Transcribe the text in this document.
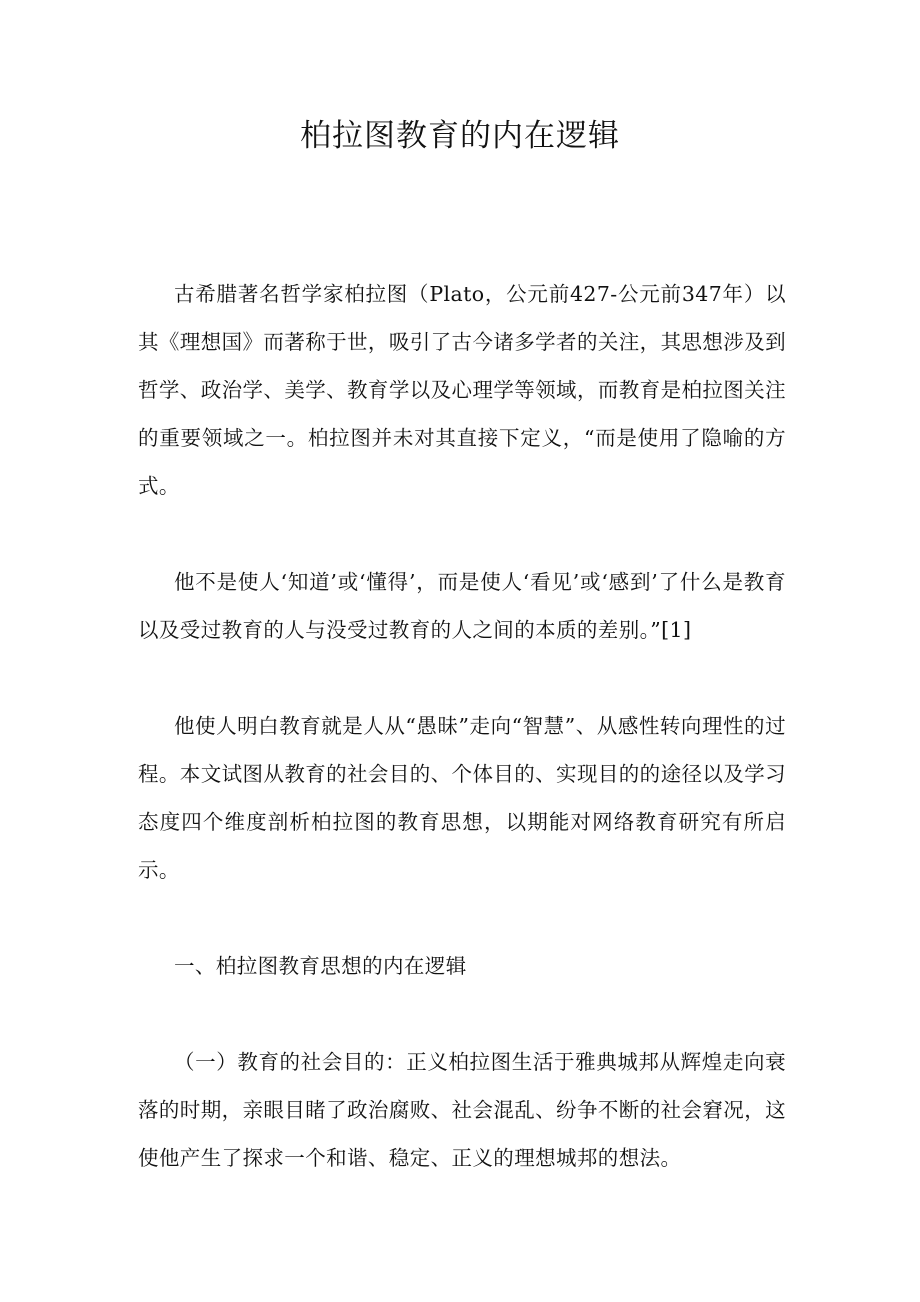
柏拉图教育的内在逻辑

古希腊著名哲学家柏拉图（Plato，公元前427-公元前347年）以其《理想国》而著称于世，吸引了古今诸多学者的关注，其思想涉及到哲学、政治学、美学、教育学以及心理学等领域，而教育是柏拉图关注的重要领域之一。柏拉图并未对其直接下定义，“而是使用了隐喻的方式。

他不是使人‘知道’或‘懂得’，而是使人‘看见’或‘感到’了什么是教育以及受过教育的人与没受过教育的人之间的本质的差别。”[1]

他使人明白教育就是人从“愚昧”走向“智慧”、从感性转向理性的过程。本文试图从教育的社会目的、个体目的、实现目的的途径以及学习态度四个维度剖析柏拉图的教育思想，以期能对网络教育研究有所启示。

一、柏拉图教育思想的内在逻辑

（一）教育的社会目的：正义柏拉图生活于雅典城邦从辉煌走向衰落的时期，亲眼目睹了政治腐败、社会混乱、纷争不断的社会窘况，这使他产生了探求一个和谐、稳定、正义的理想城邦的想法。
